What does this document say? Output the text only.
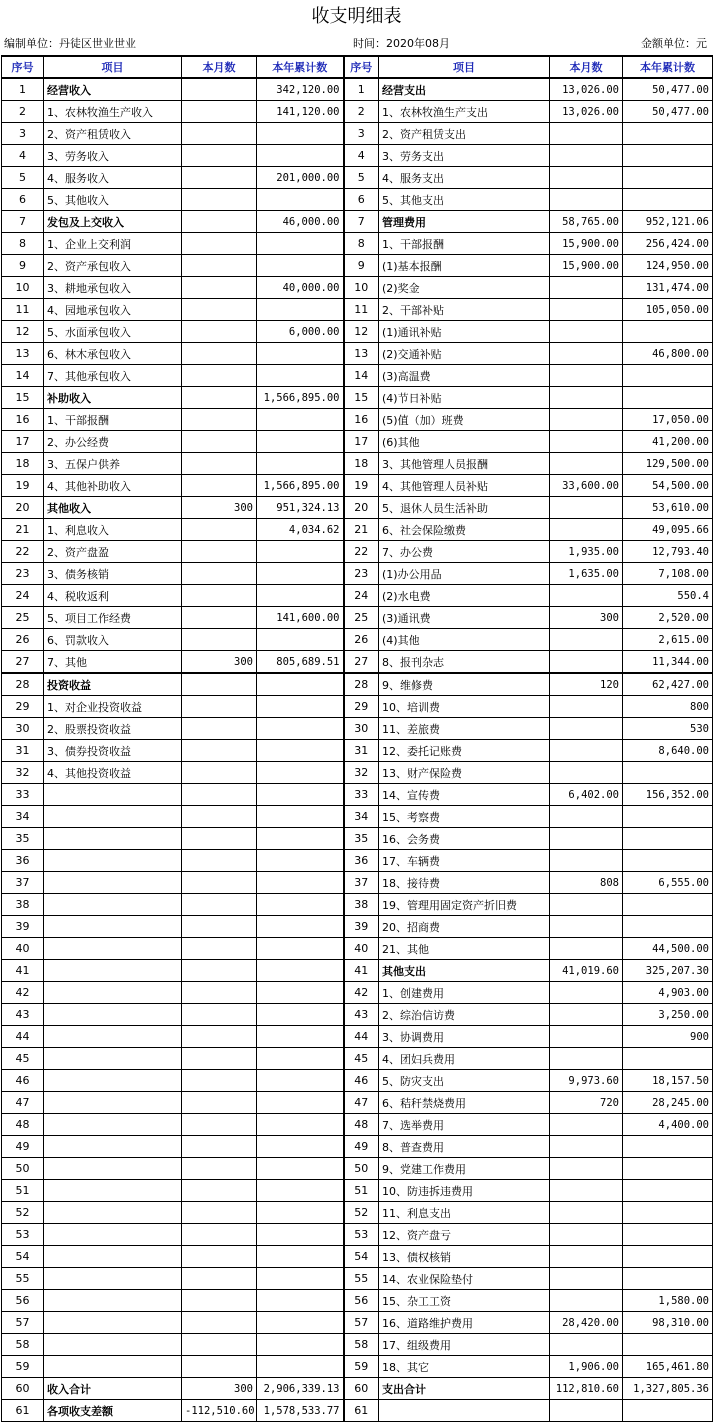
收支明细表
编制单位：丹徒区世业世业	时间：2020年08月	金额单位：元
序号	项目	本月数	本年累计数	序号	项目	本月数	本年累计数
1	经营收入		342,120.00	1	经营支出	13,026.00	50,477.00
2	1、农林牧渔生产收入		141,120.00	2	1、农林牧渔生产支出	13,026.00	50,477.00
3	2、资产租赁收入			3	2、资产租赁支出		
4	3、劳务收入			4	3、劳务支出		
5	4、服务收入		201,000.00	5	4、服务支出		
6	5、其他收入			6	5、其他支出		
7	发包及上交收入		46,000.00	7	管理费用	58,765.00	952,121.06
8	1、企业上交利润			8	1、干部报酬	15,900.00	256,424.00
9	2、资产承包收入			9	(1)基本报酬	15,900.00	124,950.00
10	3、耕地承包收入		40,000.00	10	(2)奖金		131,474.00
11	4、园地承包收入			11	2、干部补贴		105,050.00
12	5、水面承包收入		6,000.00	12	(1)通讯补贴		
13	6、林木承包收入			13	(2)交通补贴		46,800.00
14	7、其他承包收入			14	(3)高温费		
15	补助收入		1,566,895.00	15	(4)节日补贴		
16	1、干部报酬			16	(5)值（加）班费		17,050.00
17	2、办公经费			17	(6)其他		41,200.00
18	3、五保户供养			18	3、其他管理人员报酬		129,500.00
19	4、其他补助收入		1,566,895.00	19	4、其他管理人员补贴	33,600.00	54,500.00
20	其他收入	300	951,324.13	20	5、退休人员生活补助		53,610.00
21	1、利息收入		4,034.62	21	6、社会保险缴费		49,095.66
22	2、资产盘盈			22	7、办公费	1,935.00	12,793.40
23	3、债务核销			23	(1)办公用品	1,635.00	7,108.00
24	4、税收返利			24	(2)水电费		550.4
25	5、项目工作经费		141,600.00	25	(3)通讯费	300	2,520.00
26	6、罚款收入			26	(4)其他		2,615.00
27	7、其他	300	805,689.51	27	8、报刊杂志		11,344.00
28	投资收益			28	9、维修费	120	62,427.00
29	1、对企业投资收益			29	10、培训费		800
30	2、股票投资收益			30	11、差旅费		530
31	3、债券投资收益			31	12、委托记账费		8,640.00
32	4、其他投资收益			32	13、财产保险费		
33				33	14、宣传费	6,402.00	156,352.00
34				34	15、考察费		
35				35	16、会务费		
36				36	17、车辆费		
37				37	18、接待费	808	6,555.00
38				38	19、管理用固定资产折旧费		
39				39	20、招商费		
40				40	21、其他		44,500.00
41				41	其他支出	41,019.60	325,207.30
42				42	1、创建费用		4,903.00
43				43	2、综治信访费		3,250.00
44				44	3、协调费用		900
45				45	4、团妇兵费用		
46				46	5、防灾支出	9,973.60	18,157.50
47				47	6、秸秆禁烧费用	720	28,245.00
48				48	7、选举费用		4,400.00
49				49	8、普查费用		
50				50	9、党建工作费用		
51				51	10、防违拆违费用		
52				52	11、利息支出		
53				53	12、资产盘亏		
54				54	13、债权核销		
55				55	14、农业保险垫付		
56				56	15、杂工工资		1,580.00
57				57	16、道路维护费用	28,420.00	98,310.00
58				58	17、组级费用		
59				59	18、其它	1,906.00	165,461.80
60	收入合计	300	2,906,339.13	60	支出合计	112,810.60	1,327,805.36
61	各项收支差额	-112,510.60	1,578,533.77	61			
